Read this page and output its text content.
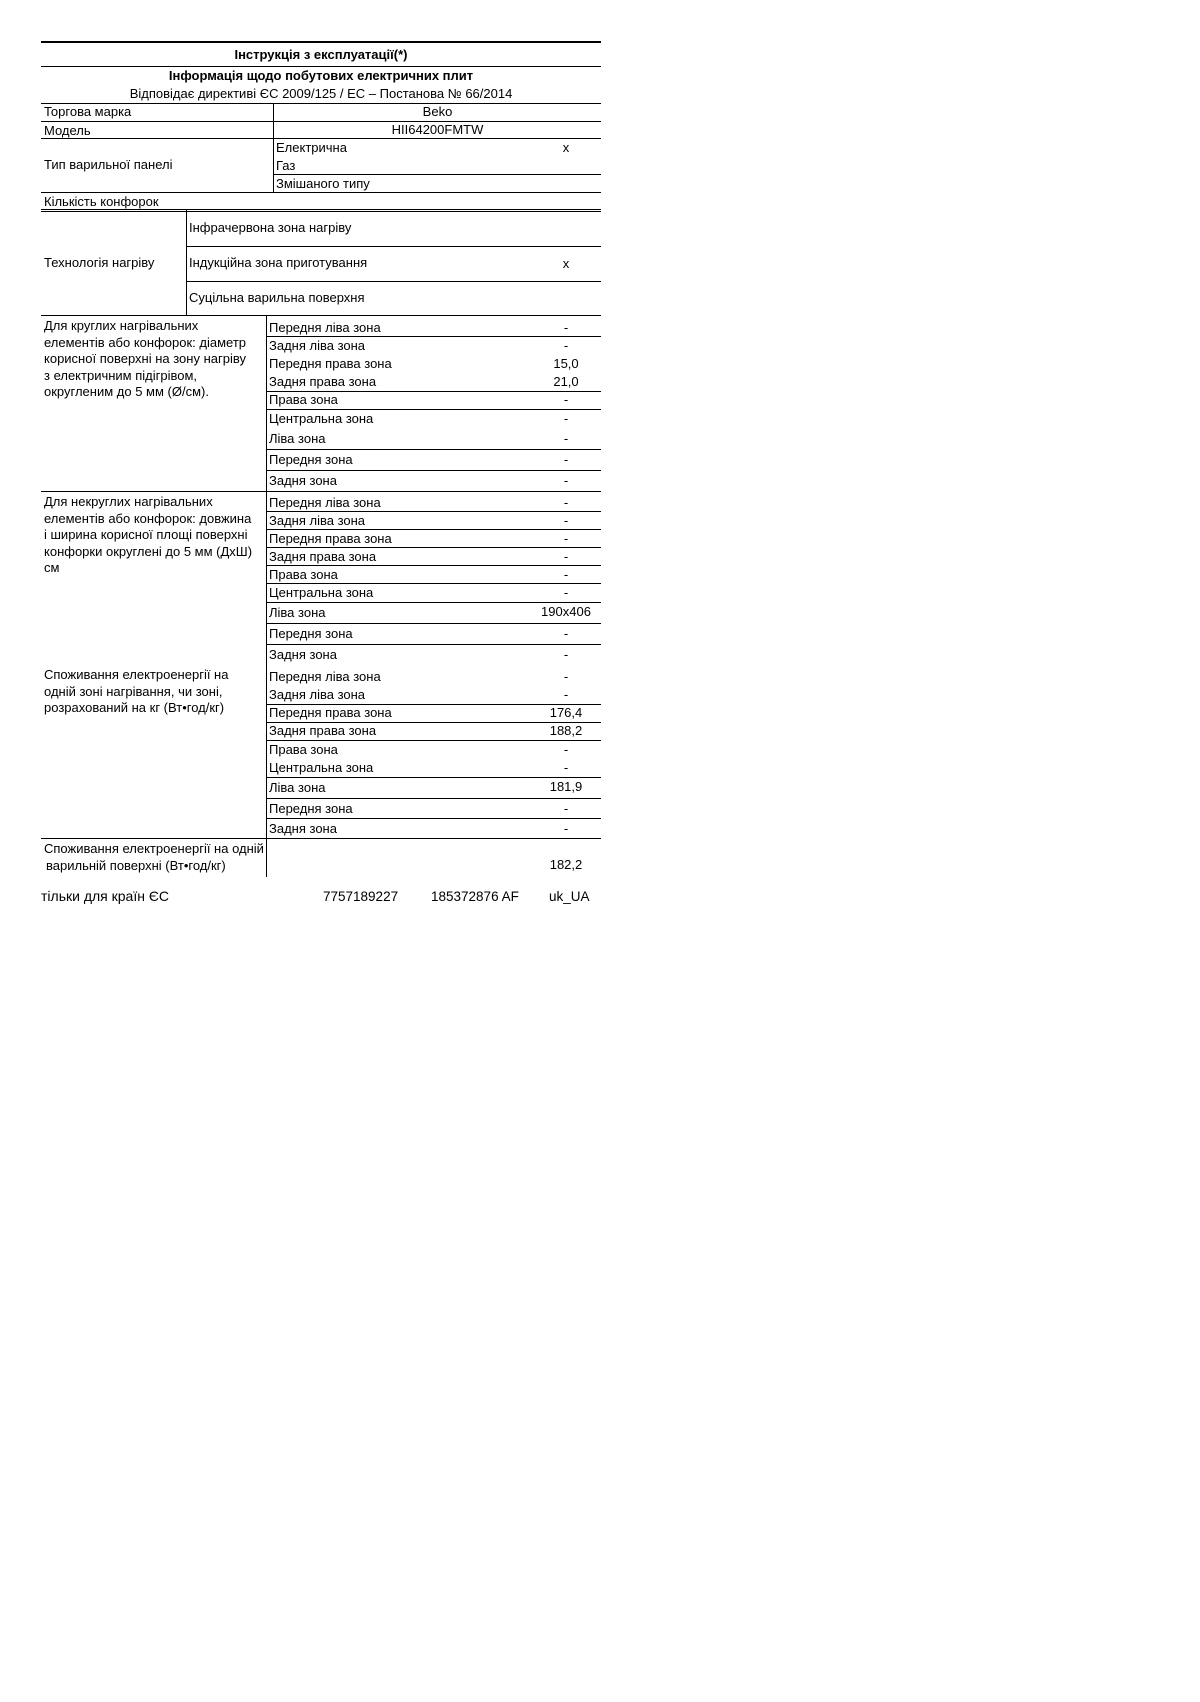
Інструкція з експлуатації(*)
Інформація щодо побутових електричних плит
Відповідає директиві ЄС 2009/125 / ЕС – Постанова № 66/2014
Торгова марка	Beko
Модель	HII64200FMTW
Тип варильної панелі
Електрична	x
Газ
Змішаного типу
Кількість конфорок
Технологія нагріву
Інфрачервона зона нагріву
Індукційна зона приготування	x
Суцільна варильна поверхня
Для круглих нагрівальних елементів або конфорок: діаметр корисної поверхні на зону нагріву з електричним підігрівом, округленим до 5 мм (Ø/см).
Передня ліва зона	-
Задня ліва зона	-
Передня права зона	15,0
Задня права зона	21,0
Права зона	-
Центральна зона	-
Ліва зона	-
Передня зона	-
Задня зона	-
Для некруглих нагрівальних елементів або конфорок: довжина і ширина корисної площі поверхні конфорки округлені до 5 мм (ДхШ) см
Передня ліва зона	-
Задня ліва зона	-
Передня права зона	-
Задня права зона	-
Права зона	-
Центральна зона	-
Ліва зона	190x406
Передня зона	-
Задня зона	-
Споживання електроенергії на одній зоні нагрівання, чи зоні, розрахований на кг (Вт•год/кг)
Передня ліва зона	-
Задня ліва зона	-
Передня права зона	176,4
Задня права зона	188,2
Права зона	-
Центральна зона	-
Ліва зона	181,9
Передня зона	-
Задня зона	-
Споживання електроенергії на одній
варильній поверхні (Вт•год/кг)	182,2
тільки для країн ЄС	7757189227 185372876 AF uk_UA
